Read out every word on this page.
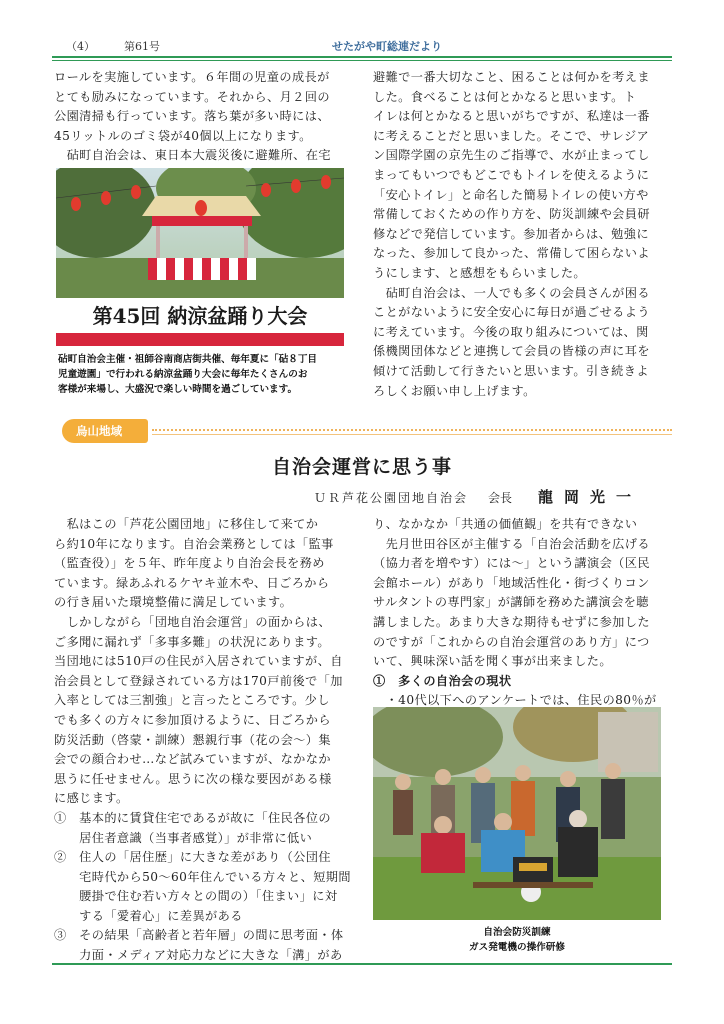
（4）	第61号	せたがや町総連だより

ロールを実施しています。６年間の児童の成長が

とても励みになっています。それから、月２回の

公園清掃も行っています。落ち葉が多い時には、

45リットルのゴミ袋が40個以上になります。

　砧町自治会は、東日本大震災後に避難所、在宅

第45回 納涼盆踊り大会

砧町自治会主催・祖師谷南商店街共催、毎年夏に「砧８丁目

児童遊園」で行われる納涼盆踊り大会に毎年たくさんのお

客様が来場し、大盛況で楽しい時間を過ごしています。

避難で一番大切なこと、困ることは何かを考えま

した。食べることは何とかなると思います。ト

イレは何とかなると思いがちですが、私達は一番

に考えることだと思いました。そこで、サレジア

ン国際学園の京先生のご指導で、水が止まってし

まってもいつでもどこでもトイレを使えるように

「安心トイレ」と命名した簡易トイレの使い方や

常備しておくための作り方を、防災訓練や会員研

修などで発信しています。参加者からは、勉強に

なった、参加して良かった、常備して困らないよ

うにします、と感想をもらいました。

　砧町自治会は、一人でも多くの会員さんが困る

ことがないように安全安心に毎日が過ごせるよう

に考えています。今後の取り組みについては、関

係機関団体などと連携して会員の皆様の声に耳を

傾けて活動して行きたいと思います。引き続きよ

ろしくお願い申し上げます。

烏山地域
自治会運営に思う事
ＵＲ芦花公園団地自治会 会長 龍岡光一

　私はこの「芦花公園団地」に移住して来てか

ら約10年になります。自治会業務としては「監事

（監査役）」を５年、昨年度より自治会長を務め

ています。緑あふれるケヤキ並木や、日ごろから

の行き届いた環境整備に満足しています。

　しかしながら「団地自治会運営」の面からは、

ご多聞に漏れず「多事多難」の状況にあります。

当団地には510戸の住民が入居されていますが、自

治会員として登録されている方は170戸前後で「加

入率としては三割強」と言ったところです。少し

でも多くの方々に参加頂けるように、日ごろから

防災活動（啓蒙・訓練）懇親行事（花の会～）集

会での顔合わせ…など試みていますが、なかなか

思うに任せません。思うに次の様な要因がある様

に感じます。

①　基本的に賃貸住宅であるが故に「住民各位の

　　居住者意識（当事者感覚）」が非常に低い

②　住人の「居住歴」に大きな差があり（公団住

　　宅時代から50～60年住んでいる方々と、短期間

　　腰掛で住む若い方々との間の）「住まい」に対

　　する「愛着心」に差異がある

③　その結果「高齢者と若年層」の間に思考面・体

　　力面・メディア対応力などに大きな「溝」があ

り、なかなか「共通の価値観」を共有できない

　先月世田谷区が主催する「自治会活動を広げる

（協力者を増やす）には～」という講演会（区民

会館ホール）があり「地域活性化・街づくりコン

サルタントの専門家」が講師を務めた講演会を聴

講しました。あまり大きな期待もせずに参加した

のですが「これからの自治会運営のあり方」につ

いて、興味深い話を聞く事が出来ました。

①　多くの自治会の現状

　・40代以下へのアンケートでは、住民の80％が

自治会防災訓練

ガス発電機の操作研修
